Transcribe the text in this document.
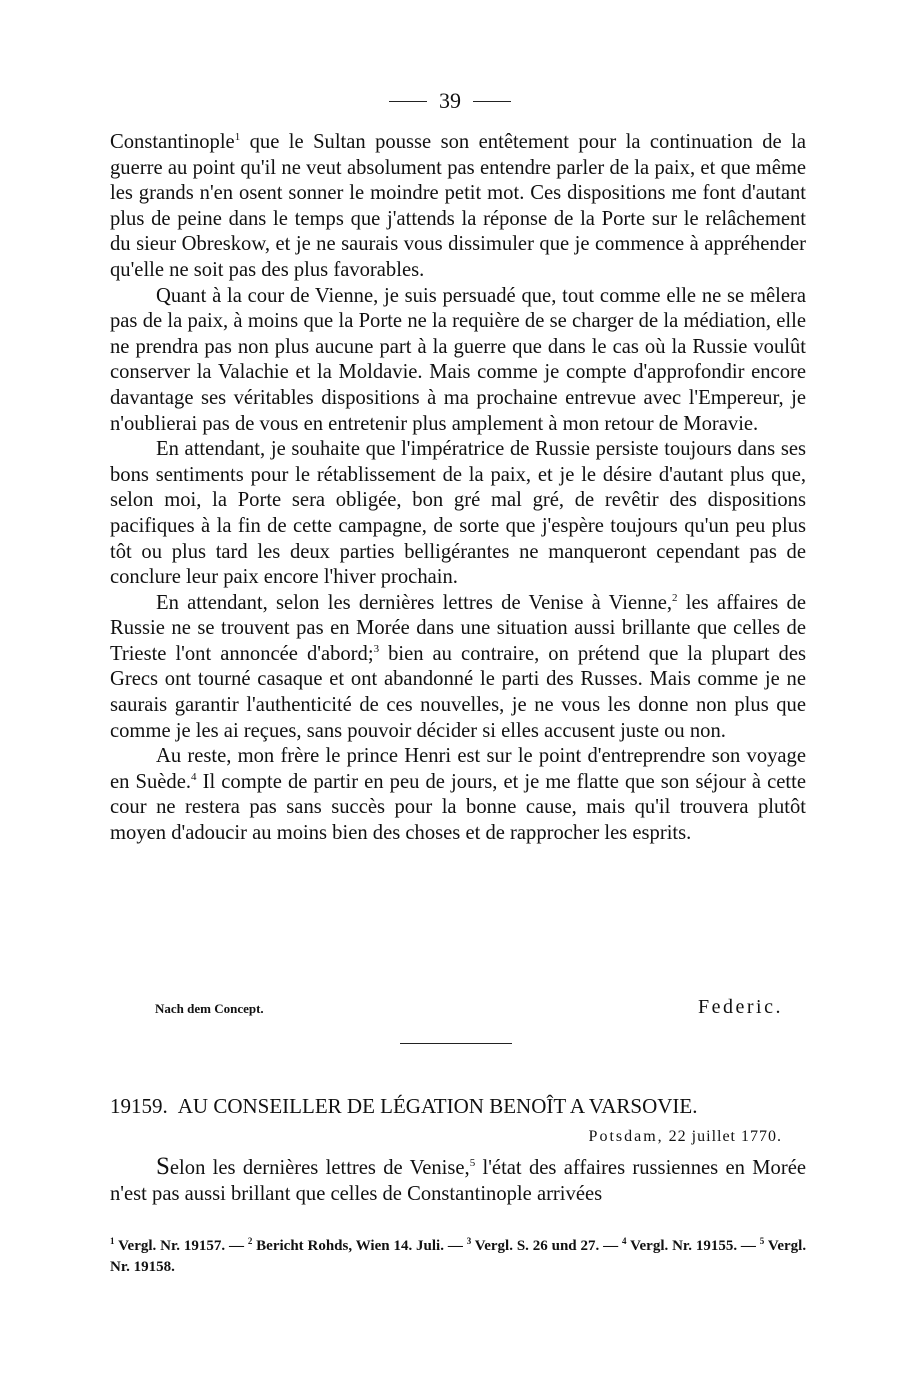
39

Constantinople$^1$ que le Sultan pousse son entêtement pour la continuation de la guerre au point qu'il ne veut absolument pas entendre parler de la paix, et que même les grands n'en osent sonner le moindre petit mot. Ces dispositions me font d'autant plus de peine dans le temps que j'attends la réponse de la Porte sur le relâchement du sieur Obreskow, et je ne saurais vous dissimuler que je commence à appréhender qu'elle ne soit pas des plus favorables.

Quant à la cour de Vienne, je suis persuadé que, tout comme elle ne se mêlera pas de la paix, à moins que la Porte ne la requière de se charger de la médiation, elle ne prendra pas non plus aucune part à la guerre que dans le cas où la Russie voulût conserver la Valachie et la Moldavie. Mais comme je compte d'approfondir encore davantage ses véritables dispositions à ma prochaine entrevue avec l'Empereur, je n'oublierai pas de vous en entretenir plus amplement à mon retour de Moravie.

En attendant, je souhaite que l'impératrice de Russie persiste toujours dans ses bons sentiments pour le rétablissement de la paix, et je le désire d'autant plus que, selon moi, la Porte sera obligée, bon gré mal gré, de revêtir des dispositions pacifiques à la fin de cette campagne, de sorte que j'espère toujours qu'un peu plus tôt ou plus tard les deux parties belligérantes ne manqueront cependant pas de conclure leur paix encore l'hiver prochain.

En attendant, selon les dernières lettres de Venise à Vienne,$^2$ les affaires de Russie ne se trouvent pas en Morée dans une situation aussi brillante que celles de Trieste l'ont annoncée d'abord;$^3$ bien au contraire, on prétend que la plupart des Grecs ont tourné casaque et ont abandonné le parti des Russes. Mais comme je ne saurais garantir l'authenticité de ces nouvelles, je ne vous les donne non plus que comme je les ai reçues, sans pouvoir décider si elles accusent juste ou non.

Au reste, mon frère le prince Henri est sur le point d'entreprendre son voyage en Suède.$^4$ Il compte de partir en peu de jours, et je me flatte que son séjour à cette cour ne restera pas sans succès pour la bonne cause, mais qu'il trouvera plutôt moyen d'adoucir au moins bien des choses et de rapprocher les esprits.

Nach dem Concept.	Federic.
19159. AU CONSEILLER DE LÉGATION BENOÎT A VARSOVIE.
Potsdam, 22 juillet 1770.

Selon les dernières lettres de Venise,$^5$ l'état des affaires russiennes en Morée n'est pas aussi brillant que celles de Constantinople arrivées

$^1$ Vergl. Nr. 19157. — $^2$ Bericht Rohds, Wien 14. Juli. — $^3$ Vergl. S. 26 und 27. — $^4$ Vergl. Nr. 19155. — $^5$ Vergl. Nr. 19158.
